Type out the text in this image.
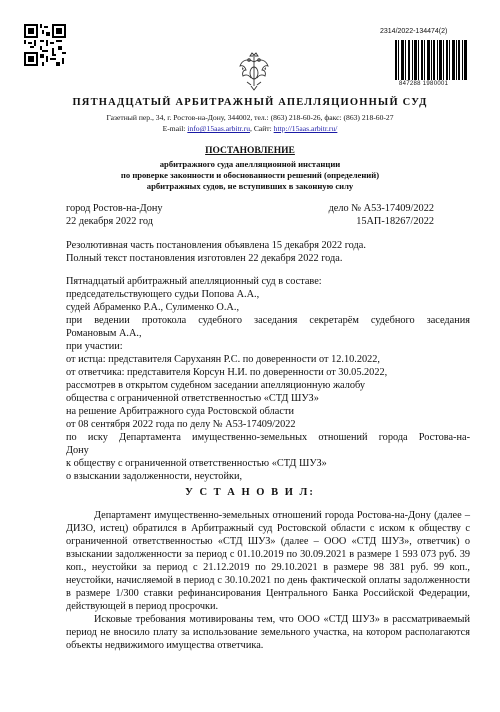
2314/2022-134474(2)
847288 1980001
ПЯТНАДЦАТЫЙ АРБИТРАЖНЫЙ АПЕЛЛЯЦИОННЫЙ СУД
Газетный пер., 34, г. Ростов-на-Дону, 344002, тел.: (863) 218-60-26, факс: (863) 218-60-27
E-mail: info@15aas.arbitr.ru, Сайт: http://15aas.arbitr.ru/
ПОСТАНОВЛЕНИЕ
арбитражного суда апелляционной инстанции
по проверке законности и обоснованности решений (определений)
арбитражных судов, не вступивших в законную силу
город Ростов-на-Дону
22 декабря 2022 год
дело № А53-17409/2022
15АП-18267/2022
Резолютивная часть постановления объявлена 15 декабря 2022 года.
Полный текст постановления изготовлен 22 декабря 2022 года.
Пятнадцатый арбитражный апелляционный суд в составе:
председательствующего судьи Попова А.А.,
судей Абраменко Р.А., Сулименко О.А.,
при ведении протокола судебного заседания секретарём судебного заседания
Романовым А.А.,
при участии:
от истца: представителя Саруханян Р.С. по доверенности от 12.10.2022,
от ответчика: представителя Корсун Н.И. по доверенности от 30.05.2022,
рассмотрев в открытом судебном заседании апелляционную жалобу
общества с ограниченной ответственностью «СТД ШУЗ»
на решение Арбитражного суда Ростовской области
от 08 сентября 2022 года по делу № А53-17409/2022
по иску Департамента имущественно-земельных отношений города Ростова-на-
Дону
к обществу с ограниченной ответственностью «СТД ШУЗ»
о взыскании задолженности, неустойки,
У С Т А Н О В И Л:
Департамент имущественно-земельных отношений города Ростова-на-Дону (далее – ДИЗО, истец) обратился в Арбитражный суд Ростовской области с иском к обществу с ограниченной ответственностью «СТД ШУЗ» (далее – ООО «СТД ШУЗ», ответчик) о взыскании задолженности за период с 01.10.2019 по 30.09.2021 в размере 1 593 073 руб. 39 коп., неустойки за период с 21.12.2019 по 29.10.2021 в размере 98 381 руб. 99 коп., неустойки, начисляемой в период с 30.10.2021 по день фактической оплаты задолженности в размере 1/300 ставки рефинансирования Центрального Банка Российской Федерации, действующей в период просрочки.
Исковые требования мотивированы тем, что ООО «СТД ШУЗ» в рассматриваемый период не вносило плату за использование земельного участка, на котором располагаются объекты недвижимого имущества ответчика.
